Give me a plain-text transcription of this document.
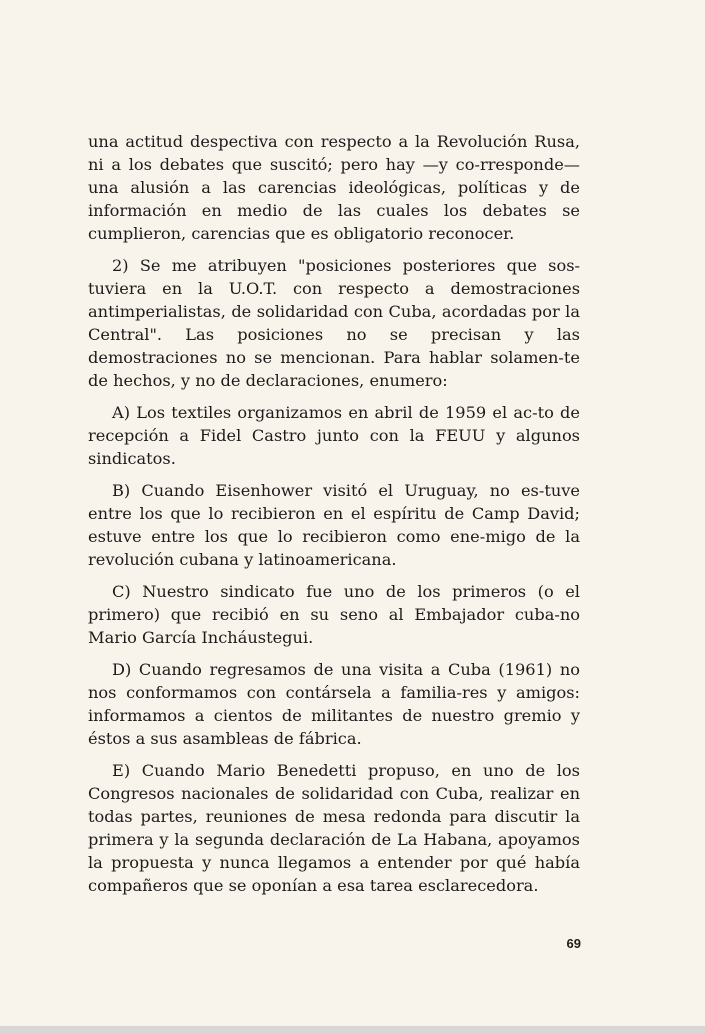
una actitud despectiva con respecto a la Revolución Rusa, ni a los debates que suscitó; pero hay —y co-rresponde— una alusión a las carencias ideológicas, políticas y de información en medio de las cuales los debates se cumplieron, carencias que es obligatorio reconocer.

2) Se me atribuyen "posiciones posteriores que sos-tuviera en la U.O.T. con respecto a demostraciones antimperialistas, de solidaridad con Cuba, acordadas por la Central". Las posiciones no se precisan y las demostraciones no se mencionan. Para hablar solamen-te de hechos, y no de declaraciones, enumero:

A) Los textiles organizamos en abril de 1959 el ac-to de recepción a Fidel Castro junto con la FEUU y algunos sindicatos.

B) Cuando Eisenhower visitó el Uruguay, no es-tuve entre los que lo recibieron en el espíritu de Camp David; estuve entre los que lo recibieron como ene-migo de la revolución cubana y latinoamericana.

C) Nuestro sindicato fue uno de los primeros (o el primero) que recibió en su seno al Embajador cuba-no Mario García Incháustegui.

D) Cuando regresamos de una visita a Cuba (1961) no nos conformamos con contársela a familia-res y amigos: informamos a cientos de militantes de nuestro gremio y éstos a sus asambleas de fábrica.

E) Cuando Mario Benedetti propuso, en uno de los Congresos nacionales de solidaridad con Cuba, realizar en todas partes, reuniones de mesa redonda para discutir la primera y la segunda declaración de La Habana, apoyamos la propuesta y nunca llegamos a entender por qué había compañeros que se oponían a esa tarea esclarecedora.

69
